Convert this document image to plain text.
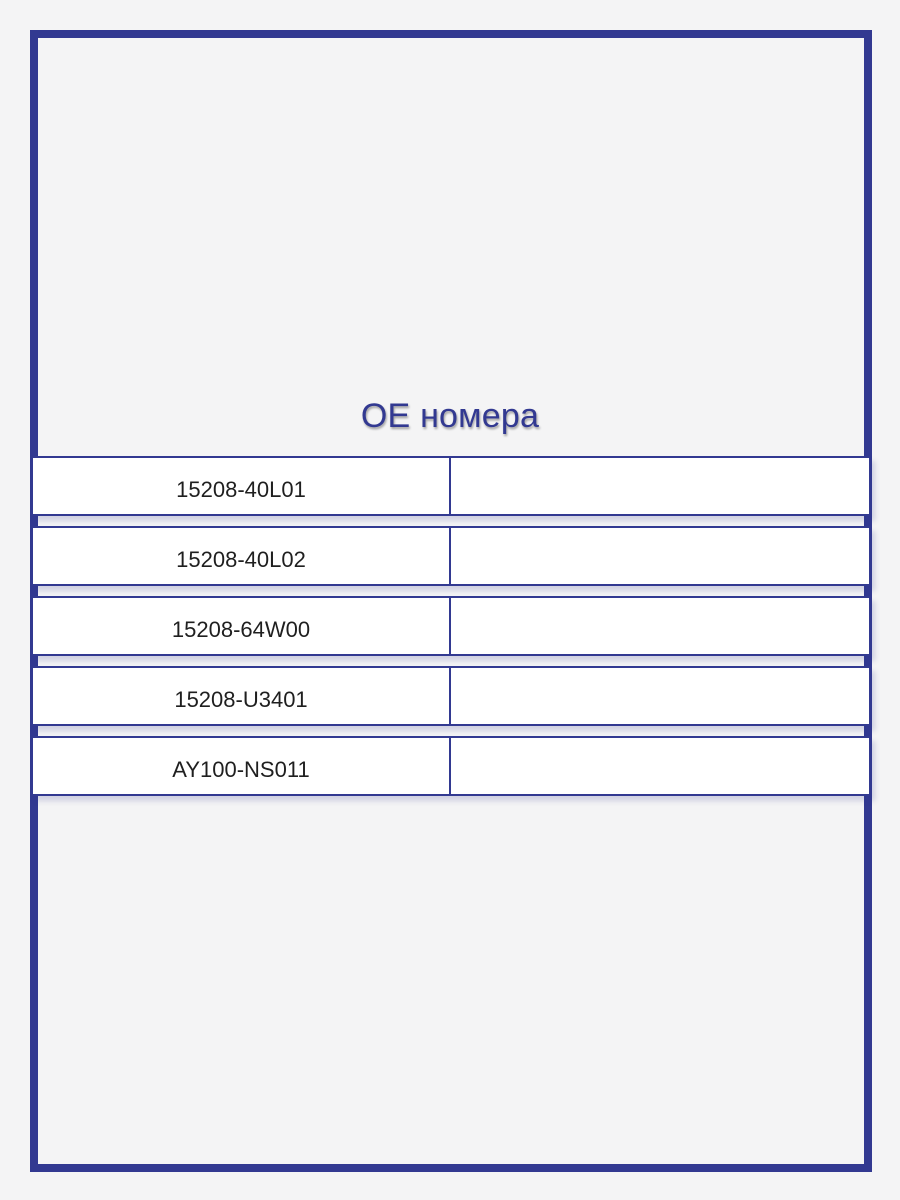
OE номера
15208-40L01
15208-40L02
15208-64W00
15208-U3401
AY100-NS011
